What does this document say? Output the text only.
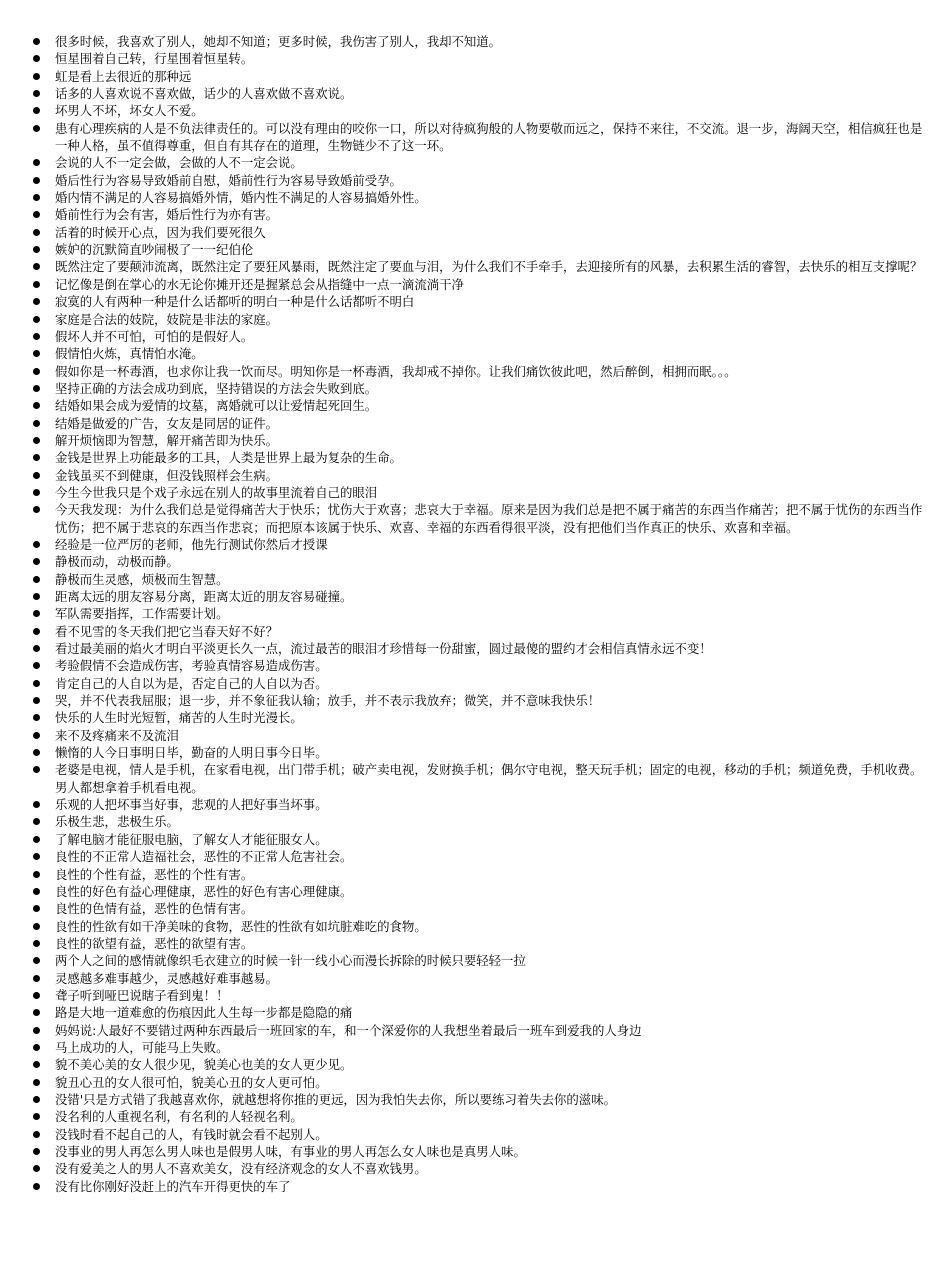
很多时候，我喜欢了别人，她却不知道；更多时候，我伤害了别人，我却不知道。
恒星围着自己转，行星围着恒星转。
虹是看上去很近的那种远
话多的人喜欢说不喜欢做，话少的人喜欢做不喜欢说。
坏男人不坏，坏女人不爱。
患有心理疾病的人是不负法律责任的。可以没有理由的咬你一口，所以对待疯狗般的人物要敬而远之，保持不来往，不交流。退一步，海阔天空，相信疯狂也是一种人格，虽不值得尊重，但自有其存在的道理，生物链少不了这一环。
会说的人不一定会做，会做的人不一定会说。
婚后性行为容易导致婚前自慰，婚前性行为容易导致婚前受孕。
婚内情不满足的人容易搞婚外情，婚内性不满足的人容易搞婚外性。
婚前性行为会有害，婚后性行为亦有害。
活着的时候开心点，因为我们要死很久
嫉妒的沉默简直吵闹极了一一纪伯伦
既然注定了要颠沛流离，既然注定了要狂风暴雨，既然注定了要血与泪，为什么我们不手牵手，去迎接所有的风暴，去积累生活的睿智，去快乐的相互支撑呢？
记忆像是倒在掌心的水无论你摊开还是握紧总会从指缝中一点一滴流淌干净
寂寞的人有两种一种是什么话都听的明白一种是什么话都听不明白
家庭是合法的妓院，妓院是非法的家庭。
假坏人并不可怕，可怕的是假好人。
假情怕火炼，真情怕水淹。
假如你是一杯毒酒，也求你让我一饮而尽。明知你是一杯毒酒，我却戒不掉你。让我们痛饮彼此吧，然后醉倒，相拥而眠。。。
坚持正确的方法会成功到底，坚持错误的方法会失败到底。
结婚如果会成为爱情的坟墓，离婚就可以让爱情起死回生。
结婚是做爱的广告，女友是同居的证件。
解开烦恼即为智慧，解开痛苦即为快乐。
金钱是世界上功能最多的工具，人类是世界上最为复杂的生命。
金钱虽买不到健康，但没钱照样会生病。
今生今世我只是个戏子永远在别人的故事里流着自己的眼泪
今天我发现：为什么我们总是觉得痛苦大于快乐；忧伤大于欢喜；悲哀大于幸福。原来是因为我们总是把不属于痛苦的东西当作痛苦；把不属于忧伤的东西当作忧伤；把不属于悲哀的东西当作悲哀；而把原本该属于快乐、欢喜、幸福的东西看得很平淡，没有把他们当作真正的快乐、欢喜和幸福。
经验是一位严厉的老师，他先行测试你然后才授课
静极而动，动极而静。
静极而生灵感，烦极而生智慧。
距离太远的朋友容易分离，距离太近的朋友容易碰撞。
军队需要指挥，工作需要计划。
看不见雪的冬天我们把它当春天好不好？
看过最美丽的焰火才明白平淡更长久一点，流过最苦的眼泪才珍惜每一份甜蜜，圆过最傻的盟约才会相信真情永远不变！
考验假情不会造成伤害，考验真情容易造成伤害。
肯定自己的人自以为是，否定自己的人自以为否。
哭，并不代表我屈服；退一步，并不象征我认输；放手，并不表示我放弃；微笑，并不意味我快乐！
快乐的人生时光短暂，痛苦的人生时光漫长。
来不及疼痛来不及流泪
懒惰的人今日事明日毕，勤奋的人明日事今日毕。
老婆是电视，情人是手机，在家看电视，出门带手机；破产卖电视，发财换手机；偶尔守电视，整天玩手机；固定的电视，移动的手机；频道免费，手机收费。男人都想拿着手机看电视。
乐观的人把坏事当好事，悲观的人把好事当坏事。
乐极生悲，悲极生乐。
了解电脑才能征服电脑，了解女人才能征服女人。
良性的不正常人造福社会，恶性的不正常人危害社会。
良性的个性有益，恶性的个性有害。
良性的好色有益心理健康，恶性的好色有害心理健康。
良性的色情有益，恶性的色情有害。
良性的性欲有如干净美味的食物，恶性的性欲有如坑脏难吃的食物。
良性的欲望有益，恶性的欲望有害。
两个人之间的感情就像织毛衣建立的时候一针一线小心而漫长拆除的时候只要轻轻一拉
灵感越多难事越少，灵感越好难事越易。
聋子听到哑巴说瞎子看到鬼！！
路是大地一道难愈的伤痕因此人生每一步都是隐隐的痛
妈妈说:人最好不要错过两种东西最后一班回家的车，和一个深爱你的人我想坐着最后一班车到爱我的人身边
马上成功的人，可能马上失败。
貌不美心美的女人很少见，貌美心也美的女人更少见。
貌丑心丑的女人很可怕，貌美心丑的女人更可怕。
没错'只是方式错了我越喜欢你，就越想将你推的更远，因为我怕失去你，所以要练习着失去你的滋味。
没名利的人重视名利，有名利的人轻视名利。
没钱时看不起自己的人，有钱时就会看不起别人。
没事业的男人再怎么男人味也是假男人味，有事业的男人再怎么女人味也是真男人味。
没有爱美之人的男人不喜欢美女，没有经济观念的女人不喜欢钱男。
没有比你刚好没赶上的汽车开得更快的车了
